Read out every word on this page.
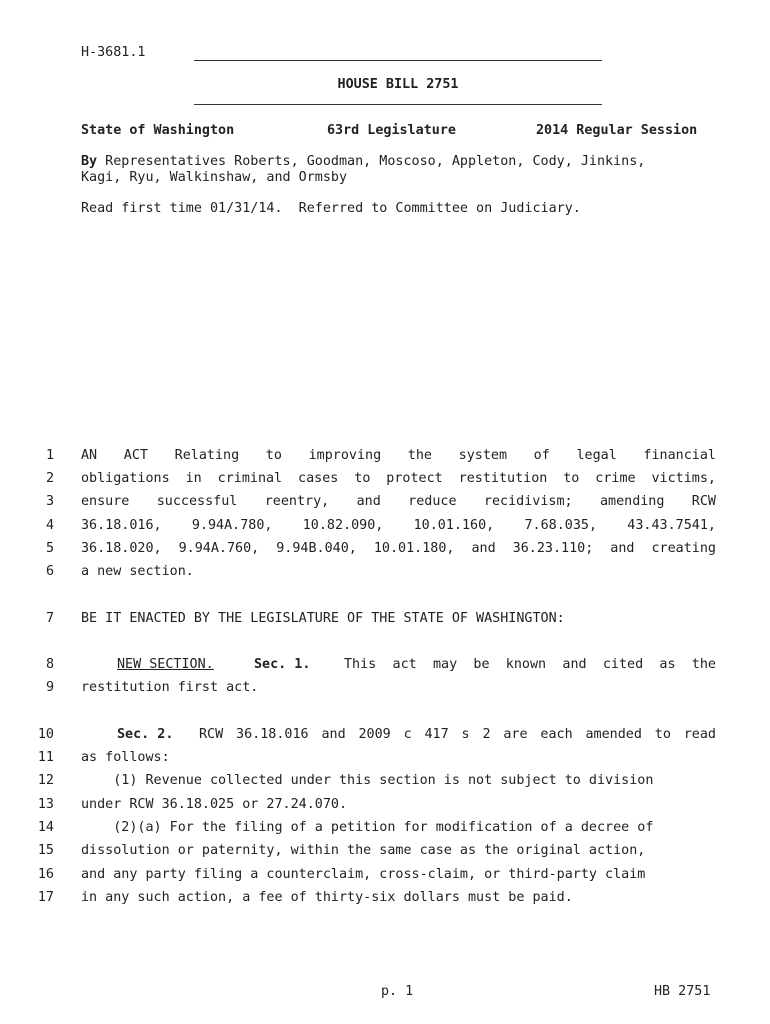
H-3681.1
HOUSE BILL 2751
State of Washington	63rd Legislature	2014 Regular Session
By Representatives Roberts, Goodman, Moscoso, Appleton, Cody, Jinkins,
Kagi, Ryu, Walkinshaw, and Ormsby
Read first time 01/31/14.  Referred to Committee on Judiciary.
1
2
3
4
5
6
7
8
9
10
11
12
13
14
15
16
17
AN ACT Relating to improving the system of legal financial
obligations in criminal cases to protect restitution to crime victims,
ensure successful reentry, and reduce recidivism; amending RCW
36.18.016, 9.94A.780, 10.82.090, 10.01.160, 7.68.035, 43.43.7541,
36.18.020, 9.94A.760, 9.94B.040, 10.01.180, and 36.23.110; and creating
a new section.
BE IT ENACTED BY THE LEGISLATURE OF THE STATE OF WASHINGTON:
NEW SECTION.	Sec. 1.	This act may be known and cited as the
restitution first act.
Sec. 2. RCW 36.18.016 and 2009 c 417 s 2 are each amended to read
as follows:
(1) Revenue collected under this section is not subject to division
under RCW 36.18.025 or 27.24.070.
(2)(a) For the filing of a petition for modification of a decree of
dissolution or paternity, within the same case as the original action,
and any party filing a counterclaim, cross-claim, or third-party claim
in any such action, a fee of thirty-six dollars must be paid.
p. 1	HB 2751
